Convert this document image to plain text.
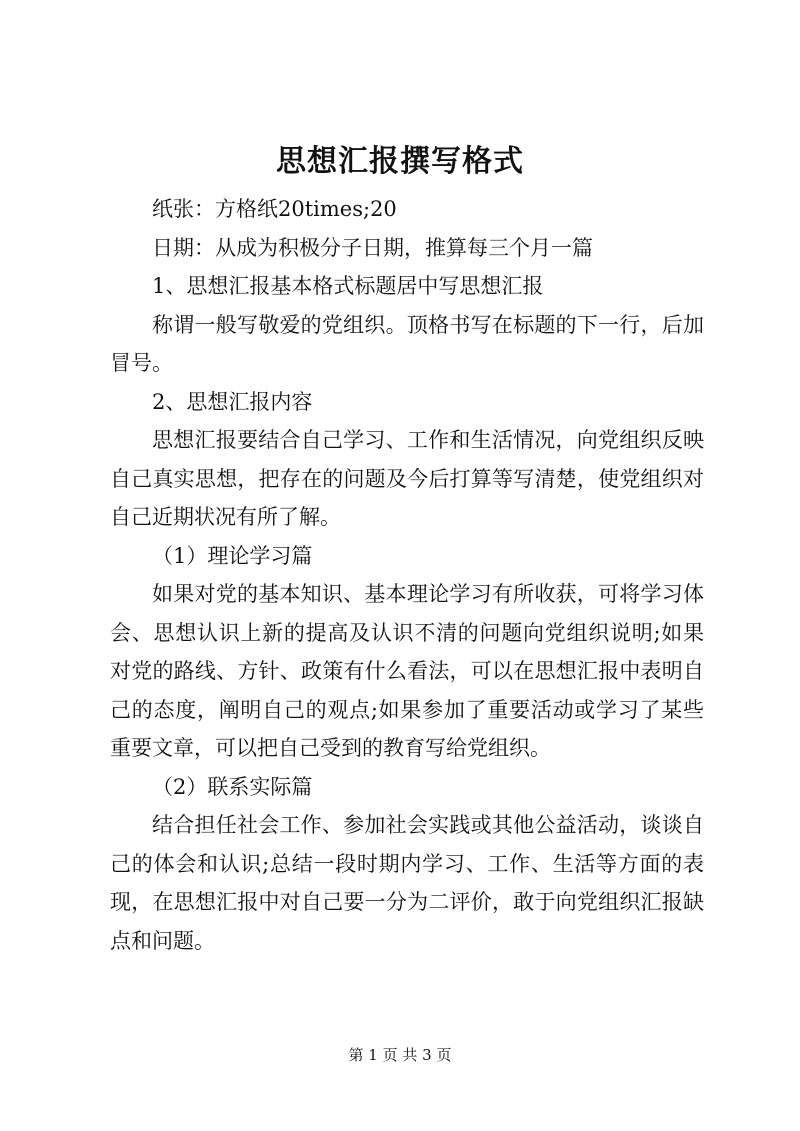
思想汇报撰写格式

纸张：方格纸20times;20

日期：从成为积极分子日期，推算每三个月一篇

1、思想汇报基本格式标题居中写思想汇报

称谓一般写敬爱的党组织。顶格书写在标题的下一行，后加冒号。

2、思想汇报内容

思想汇报要结合自己学习、工作和生活情况，向党组织反映自己真实思想，把存在的问题及今后打算等写清楚，使党组织对自己近期状况有所了解。

（1）理论学习篇

如果对党的基本知识、基本理论学习有所收获，可将学习体会、思想认识上新的提高及认识不清的问题向党组织说明;如果对党的路线、方针、政策有什么看法，可以在思想汇报中表明自己的态度，阐明自己的观点;如果参加了重要活动或学习了某些重要文章，可以把自己受到的教育写给党组织。

（2）联系实际篇

结合担任社会工作、参加社会实践或其他公益活动，谈谈自己的体会和认识;总结一段时期内学习、工作、生活等方面的表现，在思想汇报中对自己要一分为二评价，敢于向党组织汇报缺点和问题。

第 1 页 共 3 页
